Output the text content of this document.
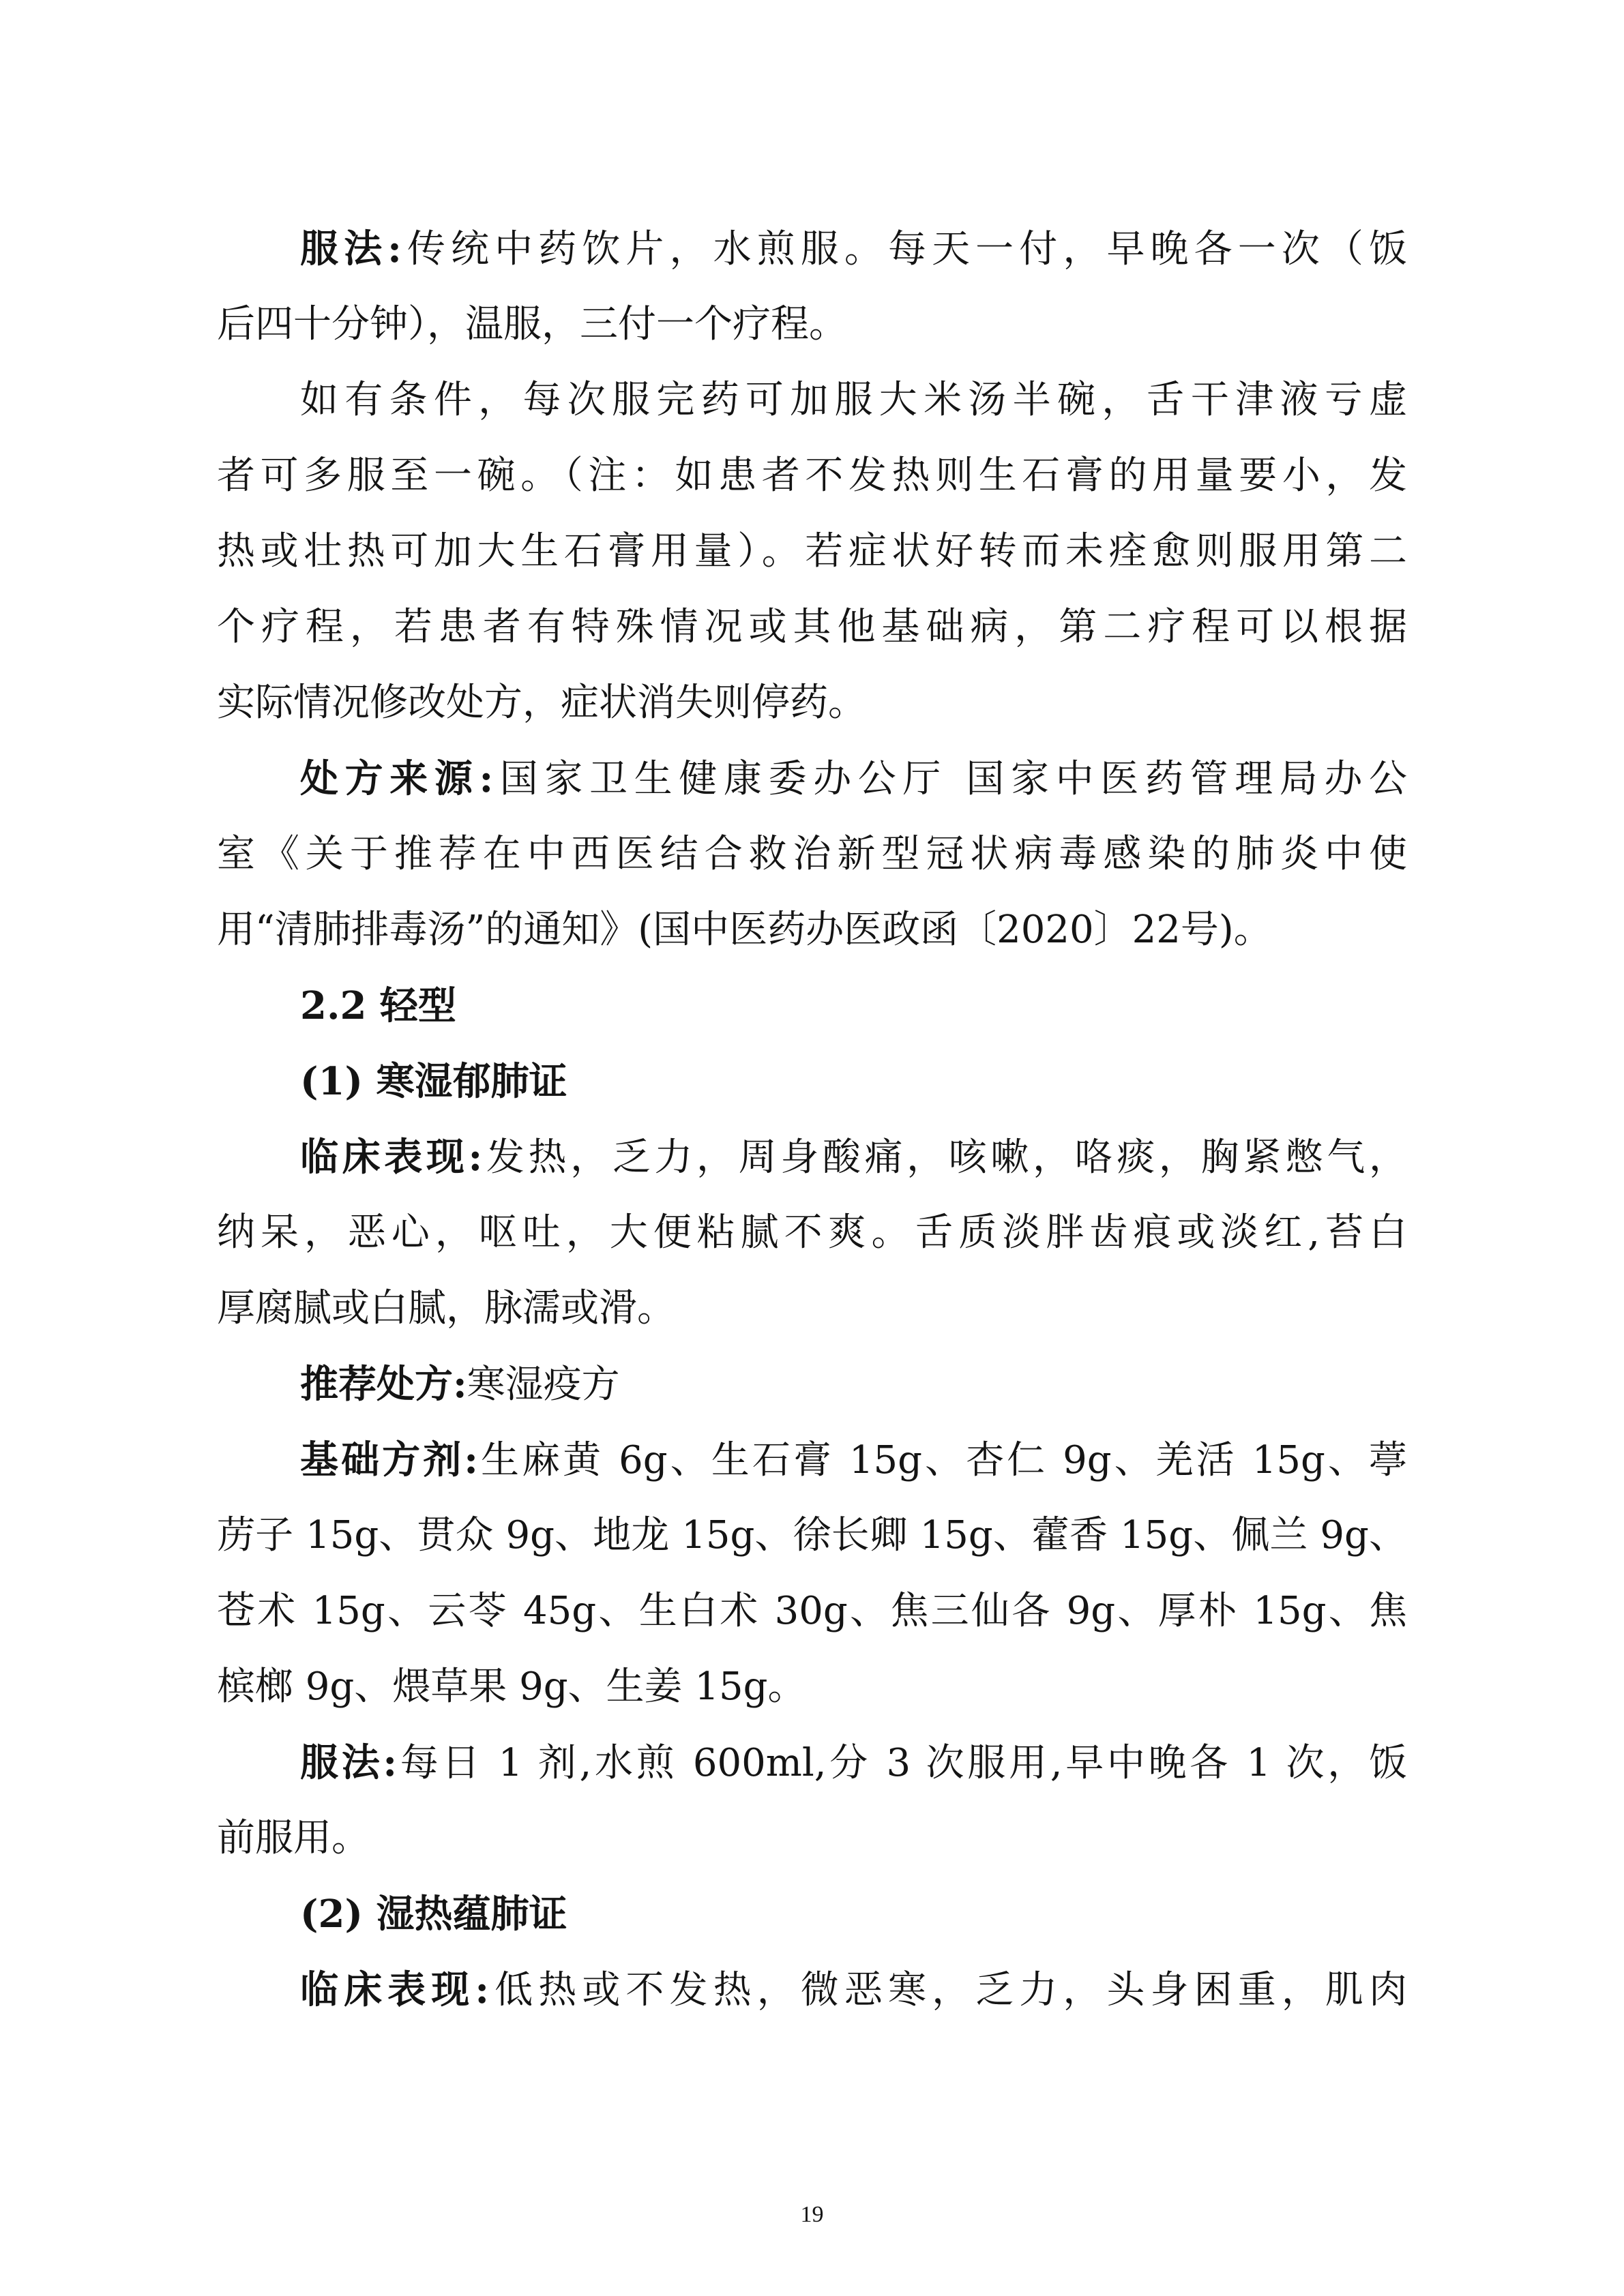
服法:传统中药饮片，水煎服。每天一付，早晚各一次（饭
后四十分钟），温服，三付一个疗程。
如有条件，每次服完药可加服大米汤半碗，舌干津液亏虚
者可多服至一碗。（注：如患者不发热则生石膏的用量要小，发
热或壮热可加大生石膏用量）。若症状好转而未痊愈则服用第二
个疗程，若患者有特殊情况或其他基础病，第二疗程可以根据
实际情况修改处方，症状消失则停药。
处方来源:国家卫生健康委办公厅 国家中医药管理局办公
室《关于推荐在中西医结合救治新型冠状病毒感染的肺炎中使
用“清肺排毒汤”的通知》(国中医药办医政函〔2020〕22号)。
2.2 轻型
(1) 寒湿郁肺证
临床表现:发热，乏力，周身酸痛，咳嗽，咯痰，胸紧憋气，
纳呆，恶心，呕吐，大便粘腻不爽。舌质淡胖齿痕或淡红,苔白
厚腐腻或白腻，脉濡或滑。
推荐处方:寒湿疫方
基础方剂:生麻黄 6g、生石膏 15g、杏仁 9g、羌活 15g、葶
苈子 15g、贯众 9g、地龙 15g、徐长卿 15g、藿香 15g、佩兰 9g、
苍术 15g、云苓 45g、生白术 30g、焦三仙各 9g、厚朴 15g、焦
槟榔 9g、煨草果 9g、生姜 15g。
服法:每日 1 剂,水煎 600ml,分 3 次服用,早中晚各 1 次，饭
前服用。
(2) 湿热蕴肺证
临床表现:低热或不发热，微恶寒，乏力，头身困重，肌肉
19
